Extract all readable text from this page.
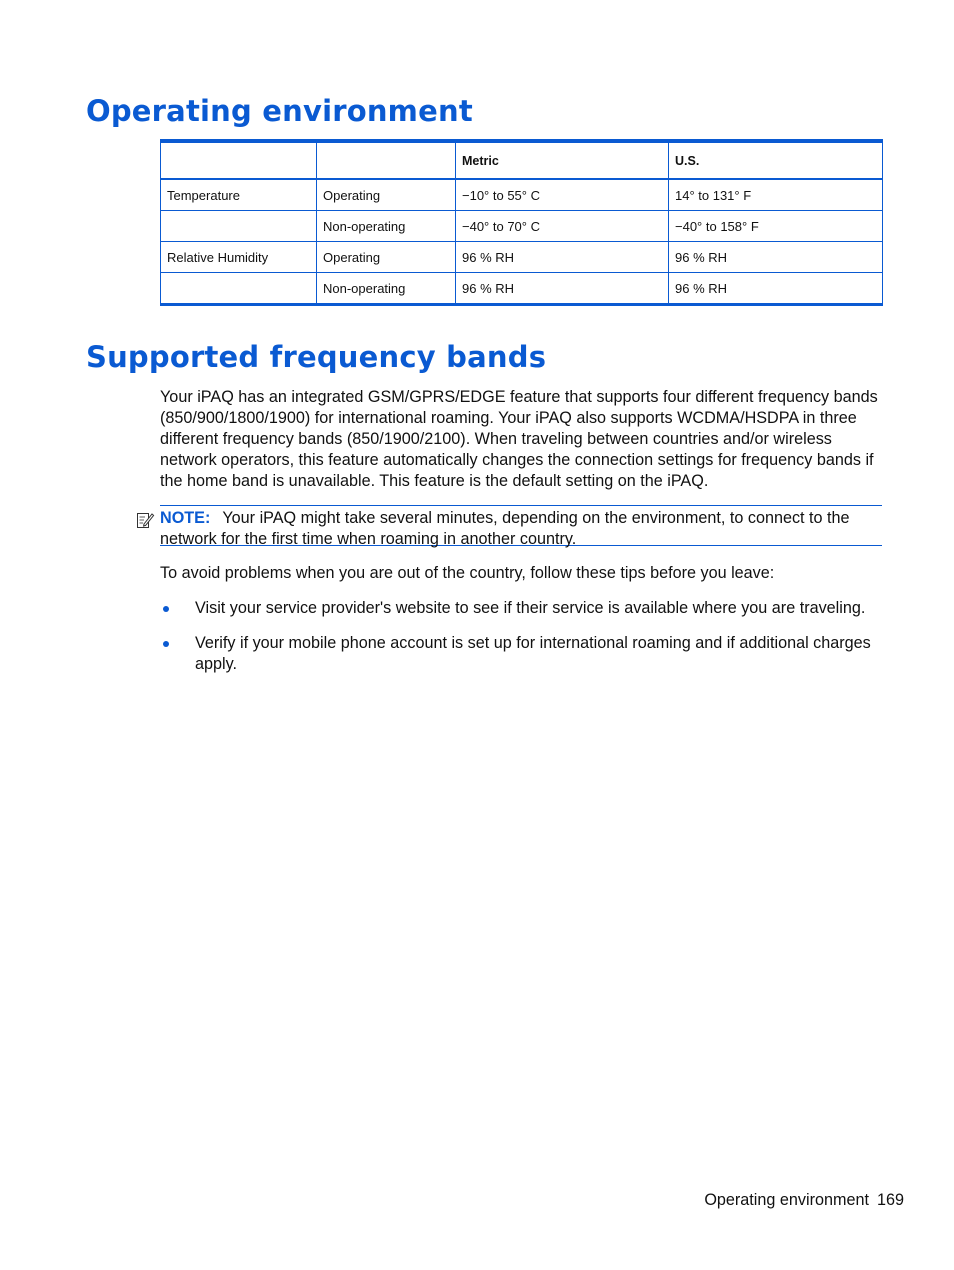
Operating environment
		Metric	U.S.
Temperature	Operating	−10° to 55° C	14° to 131° F
	Non-operating	−40° to 70° C	−40° to 158° F
Relative Humidity	Operating	96 % RH	96 % RH
	Non-operating	96 % RH	96 % RH
Supported frequency bands

Your iPAQ has an integrated GSM/GPRS/EDGE feature that supports four different frequency bands (850/900/1800/1900) for international roaming. Your iPAQ also supports WCDMA/HSDPA in three different frequency bands (850/1900/2100). When traveling between countries and/or wireless network operators, this feature automatically changes the connection settings for frequency bands if the home band is unavailable. This feature is the default setting on the iPAQ.

NOTE: Your iPAQ might take several minutes, depending on the environment, to connect to the network for the first time when roaming in another country.

To avoid problems when you are out of the country, follow these tips before you leave:

Visit your service provider's website to see if their service is available where you are traveling.
Verify if your mobile phone account is set up for international roaming and if additional charges apply.
Operating environment 169
